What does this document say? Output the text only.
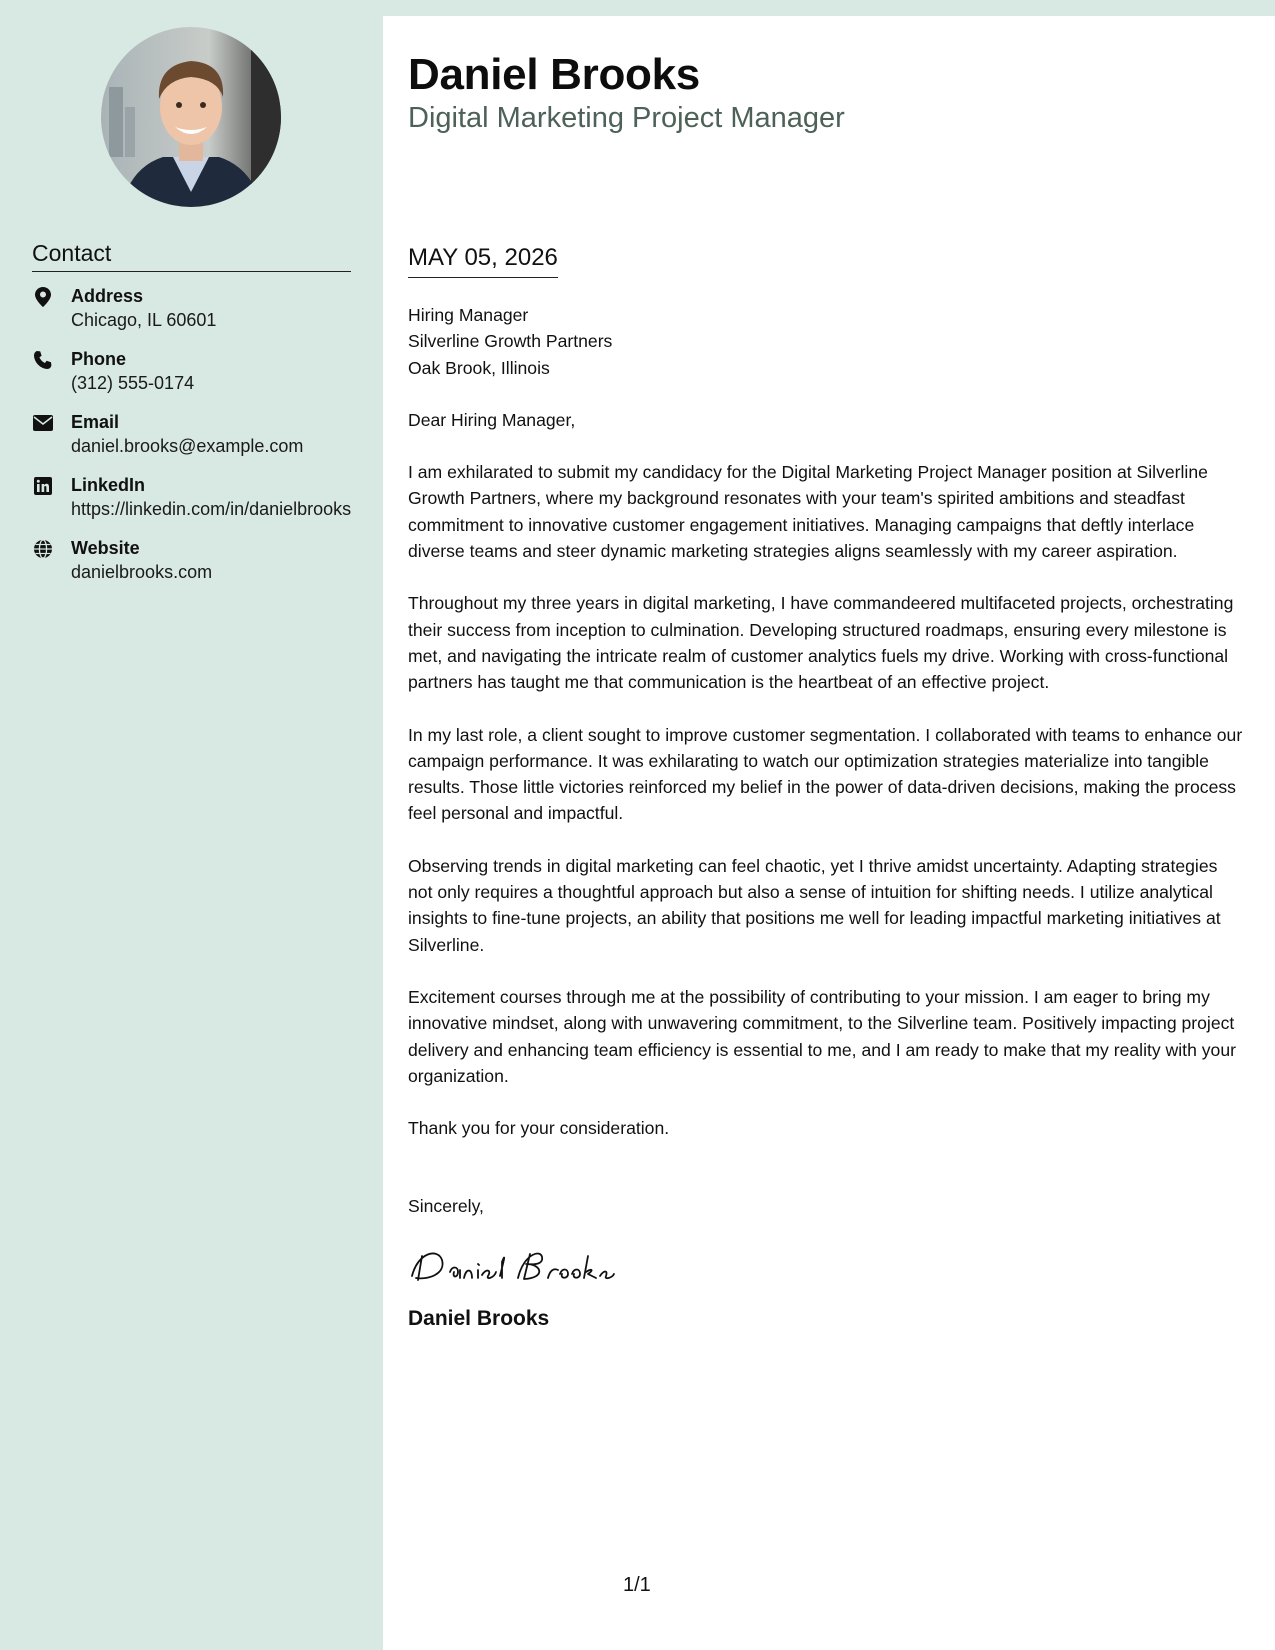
Contact
Address
Chicago, IL 60601
Phone
(312) 555-0174
Email
daniel.brooks@example.com
LinkedIn
https://linkedin.com/in/danielbrooks
Website
danielbrooks.com
Daniel Brooks
Digital Marketing Project Manager
MAY 05, 2026
Hiring Manager
Silverline Growth Partners
Oak Brook, Illinois

Dear Hiring Manager,

I am exhilarated to submit my candidacy for the Digital Marketing Project Manager position at Silverline Growth Partners, where my background resonates with your team's spirited ambitions and steadfast commitment to innovative customer engagement initiatives. Managing campaigns that deftly interlace diverse teams and steer dynamic marketing strategies aligns seamlessly with my career aspiration.

Throughout my three years in digital marketing, I have commandeered multifaceted projects, orchestrating their success from inception to culmination. Developing structured roadmaps, ensuring every milestone is met, and navigating the intricate realm of customer analytics fuels my drive. Working with cross-functional partners has taught me that communication is the heartbeat of an effective project.

In my last role, a client sought to improve customer segmentation. I collaborated with teams to enhance our campaign performance. It was exhilarating to watch our optimization strategies materialize into tangible results. Those little victories reinforced my belief in the power of data-driven decisions, making the process feel personal and impactful.

Observing trends in digital marketing can feel chaotic, yet I thrive amidst uncertainty. Adapting strategies not only requires a thoughtful approach but also a sense of intuition for shifting needs. I utilize analytical insights to fine-tune projects, an ability that positions me well for leading impactful marketing initiatives at Silverline.

Excitement courses through me at the possibility of contributing to your mission. I am eager to bring my innovative mindset, along with unwavering commitment, to the Silverline team. Positively impacting project delivery and enhancing team efficiency is essential to me, and I am ready to make that my reality with your organization.

Thank you for your consideration.

Sincerely,
Daniel Brooks
1/1
